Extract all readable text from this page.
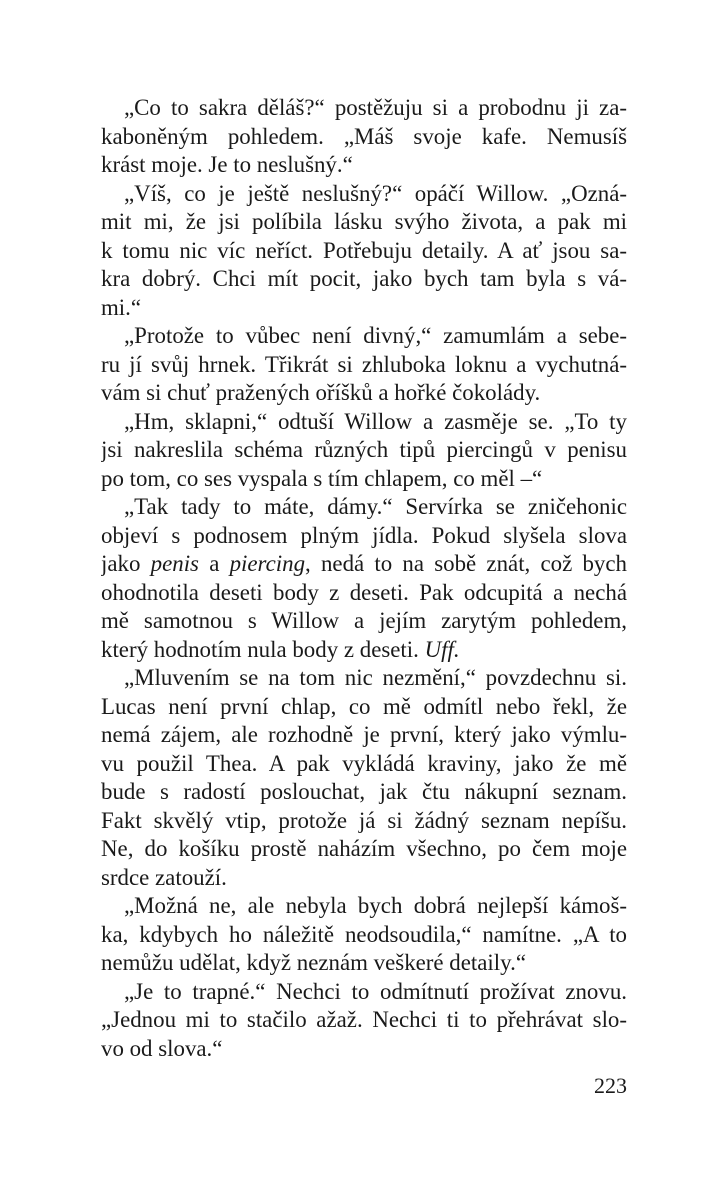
„Co to sakra děláš?“ postěžuju si a probodnu ji za-
kaboněným pohledem. „Máš svoje kafe. Nemusíš
krást moje. Je to neslušný.“
„Víš, co je ještě neslušný?“ opáčí Willow. „Ozná-
mit mi, že jsi políbila lásku svýho života, a pak mi
k tomu nic víc neříct. Potřebuju detaily. A ať jsou sa-
kra dobrý. Chci mít pocit, jako bych tam byla s vá-
mi.“
„Protože to vůbec není divný,“ zamumlám a sebe-
ru jí svůj hrnek. Třikrát si zhluboka loknu a vychutná-
vám si chuť pražených oříšků a hořké čokolády.
„Hm, sklapni,“ odtuší Willow a zasměje se. „To ty
jsi nakreslila schéma různých tipů piercingů v penisu
po tom, co ses vyspala s tím chlapem, co měl –“
„Tak tady to máte, dámy.“ Servírka se zničehonic
objeví s podnosem plným jídla. Pokud slyšela slova
jako penis a piercing, nedá to na sobě znát, což bych
ohodnotila deseti body z deseti. Pak odcupitá a nechá
mě samotnou s Willow a jejím zarytým pohledem,
který hodnotím nula body z deseti. Uff.
„Mluvením se na tom nic nezmění,“ povzdechnu si.
Lucas není první chlap, co mě odmítl nebo řekl, že
nemá zájem, ale rozhodně je první, který jako výmlu-
vu použil Thea. A pak vykládá kraviny, jako že mě
bude s radostí poslouchat, jak čtu nákupní seznam.
Fakt skvělý vtip, protože já si žádný seznam nepíšu.
Ne, do košíku prostě naházím všechno, po čem moje
srdce zatouží.
„Možná ne, ale nebyla bych dobrá nejlepší kámoš-
ka, kdybych ho náležitě neodsoudila,“ namítne. „A to
nemůžu udělat, když neznám veškeré detaily.“
„Je to trapné.“ Nechci to odmítnutí prožívat znovu.
„Jednou mi to stačilo ažaž. Nechci ti to přehrávat slo-
vo od slova.“
223
